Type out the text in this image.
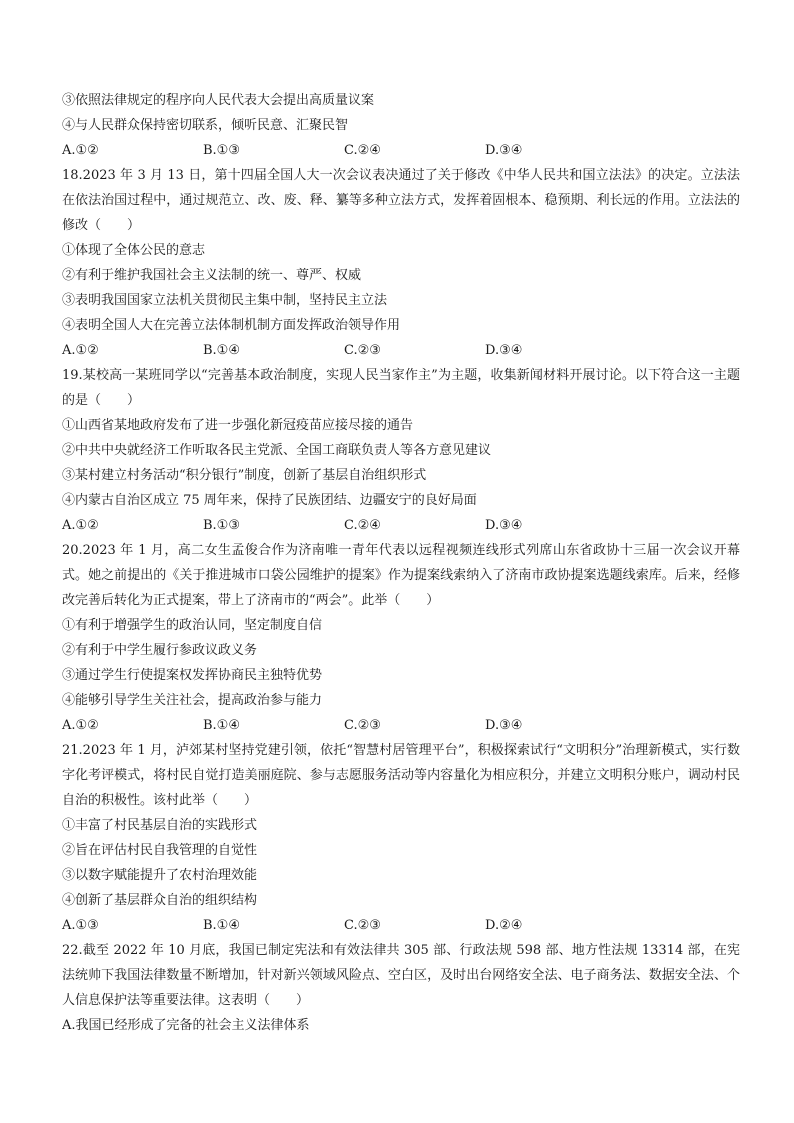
③依照法律规定的程序向人民代表大会提出高质量议案
④与人民群众保持密切联系，倾听民意、汇聚民智
A.①②	B.①③	C.②④	D.③④
18.2023 年 3 月 13 日，第十四届全国人大一次会议表决通过了关于修改《中华人民共和国立法法》的决定。立法法在依法治国过程中，通过规范立、改、废、释、纂等多种立法方式，发挥着固根本、稳预期、利长远的作用。立法法的修改（　　）
①体现了全体公民的意志
②有利于维护我国社会主义法制的统一、尊严、权威
③表明我国国家立法机关贯彻民主集中制，坚持民主立法
④表明全国人大在完善立法体制机制方面发挥政治领导作用
A.①②	B.①④	C.②③	D.③④
19.某校高一某班同学以“完善基本政治制度，实现人民当家作主”为主题，收集新闻材料开展讨论。以下符合这一主题的是（　　）
①山西省某地政府发布了进一步强化新冠疫苗应接尽接的通告
②中共中央就经济工作听取各民主党派、全国工商联负责人等各方意见建议
③某村建立村务活动“积分银行”制度，创新了基层自治组织形式
④内蒙古自治区成立 75 周年来，保持了民族团结、边疆安宁的良好局面
A.①②	B.①③	C.②④	D.③④
20.2023 年 1 月，高二女生孟俊合作为济南唯一青年代表以远程视频连线形式列席山东省政协十三届一次会议开幕式。她之前提出的《关于推进城市口袋公园维护的提案》作为提案线索纳入了济南市政协提案选题线索库。后来，经修改完善后转化为正式提案，带上了济南市的“两会”。此举（　　）
①有利于增强学生的政治认同，坚定制度自信
②有利于中学生履行参政议政义务
③通过学生行使提案权发挥协商民主独特优势
④能够引导学生关注社会，提高政治参与能力
A.①②	B.①④	C.②③	D.③④
21.2023 年 1 月，泸郊某村坚持党建引领，依托“智慧村居管理平台”，积极探索试行“文明积分”治理新模式，实行数字化考评模式，将村民自觉打造美丽庭院、参与志愿服务活动等内容量化为相应积分，并建立文明积分账户，调动村民自治的积极性。该村此举（　　）
①丰富了村民基层自治的实践形式
②旨在评估村民自我管理的自觉性
③以数字赋能提升了农村治理效能
④创新了基层群众自治的组织结构
A.①③	B.①④	C.②③	D.②④
22.截至 2022 年 10 月底，我国已制定宪法和有效法律共 305 部、行政法规 598 部、地方性法规 13314 部，在宪法统帅下我国法律数量不断增加，针对新兴领域风险点、空白区，及时出台网络安全法、电子商务法、数据安全法、个人信息保护法等重要法律。这表明（　　）
A.我国已经形成了完备的社会主义法律体系
